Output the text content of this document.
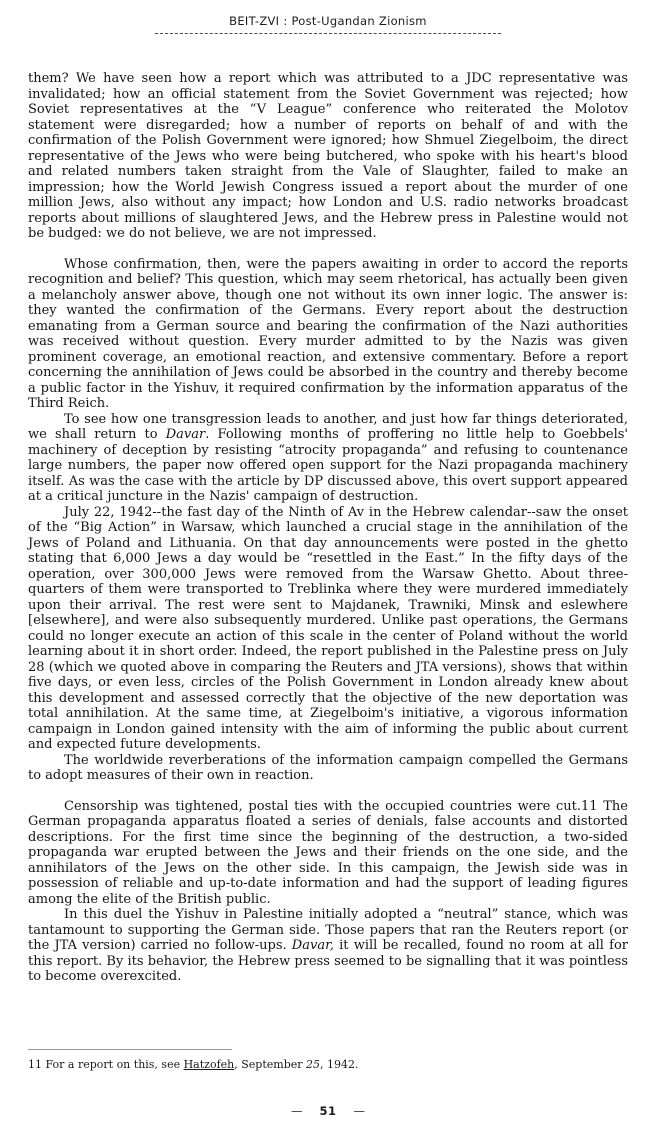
BEIT-ZVI : Post-Ugandan Zionism

them? We have seen how a report which was attributed to a JDC representative was invalidated; how an official statement from the Soviet Government was rejected; how Soviet representatives at the “V League” conference who reiterated the Molotov statement were disregarded; how a number of reports on behalf of and with the confirmation of the Polish Government were ignored; how Shmuel Ziegelboim, the direct representative of the Jews who were being butchered, who spoke with his heart's blood and related numbers taken straight from the Vale of Slaughter, failed to make an impression; how the World Jewish Congress issued a report about the murder of one million Jews, also without any impact; how London and U.S. radio networks broadcast reports about millions of slaughtered Jews, and the Hebrew press in Palestine would not be budged: we do not believe, we are not impressed.

Whose confirmation, then, were the papers awaiting in order to accord the reports recognition and belief? This question, which may seem rhetorical, has actually been given a melancholy answer above, though one not without its own inner logic. The answer is: they wanted the confirmation of the Germans. Every report about the destruction emanating from a German source and bearing the confirmation of the Nazi authorities was received without question. Every murder admitted to by the Nazis was given prominent coverage, an emotional reaction, and extensive commentary. Before a report concerning the annihilation of Jews could be absorbed in the country and thereby become a public factor in the Yishuv, it required confirmation by the information apparatus of the Third Reich.

To see how one transgression leads to another, and just how far things deteriorated, we shall return to Davar. Following months of proffering no little help to Goebbels' machinery of deception by resisting “atrocity propaganda” and refusing to countenance large numbers, the paper now offered open support for the Nazi propaganda machinery itself. As was the case with the article by DP discussed above, this overt support appeared at a critical juncture in the Nazis' campaign of destruction.

July 22, 1942--the fast day of the Ninth of Av in the Hebrew calendar--saw the onset of the “Big Action” in Warsaw, which launched a crucial stage in the annihilation of the Jews of Poland and Lithuania. On that day announcements were posted in the ghetto stating that 6,000 Jews a day would be “resettled in the East.” In the fifty days of the operation, over 300,000 Jews were removed from the Warsaw Ghetto. About three-quarters of them were transported to Treblinka where they were murdered immediately upon their arrival. The rest were sent to Majdanek, Trawniki, Minsk and eslewhere [elsewhere], and were also subsequently murdered. Unlike past operations, the Germans could no longer execute an action of this scale in the center of Poland without the world learning about it in short order. Indeed, the report published in the Palestine press on July 28 (which we quoted above in comparing the Reuters and JTA versions), shows that within five days, or even less, circles of the Polish Government in London already knew about this development and assessed correctly that the objective of the new deportation was total annihilation. At the same time, at Ziegelboim's initiative, a vigorous information campaign in London gained intensity with the aim of informing the public about current and expected future developments.

The worldwide reverberations of the information campaign compelled the Germans to adopt measures of their own in reaction.

Censorship was tightened, postal ties with the occupied countries were cut.11 The German propaganda apparatus floated a series of denials, false accounts and distorted descriptions. For the first time since the beginning of the destruction, a two-sided propaganda war erupted between the Jews and their friends on the one side, and the annihilators of the Jews on the other side. In this campaign, the Jewish side was in possession of reliable and up-to-date information and had the support of leading figures among the elite of the British public.

In this duel the Yishuv in Palestine initially adopted a “neutral” stance, which was tantamount to supporting the German side. Those papers that ran the Reuters report (or the JTA version) carried no follow-ups. Davar, it will be recalled, found no room at all for this report. By its behavior, the Hebrew press seemed to be signalling that it was pointless to become overexcited.

11 For a report on this, see Hatzofeh, September 25, 1942.
— 51 —
